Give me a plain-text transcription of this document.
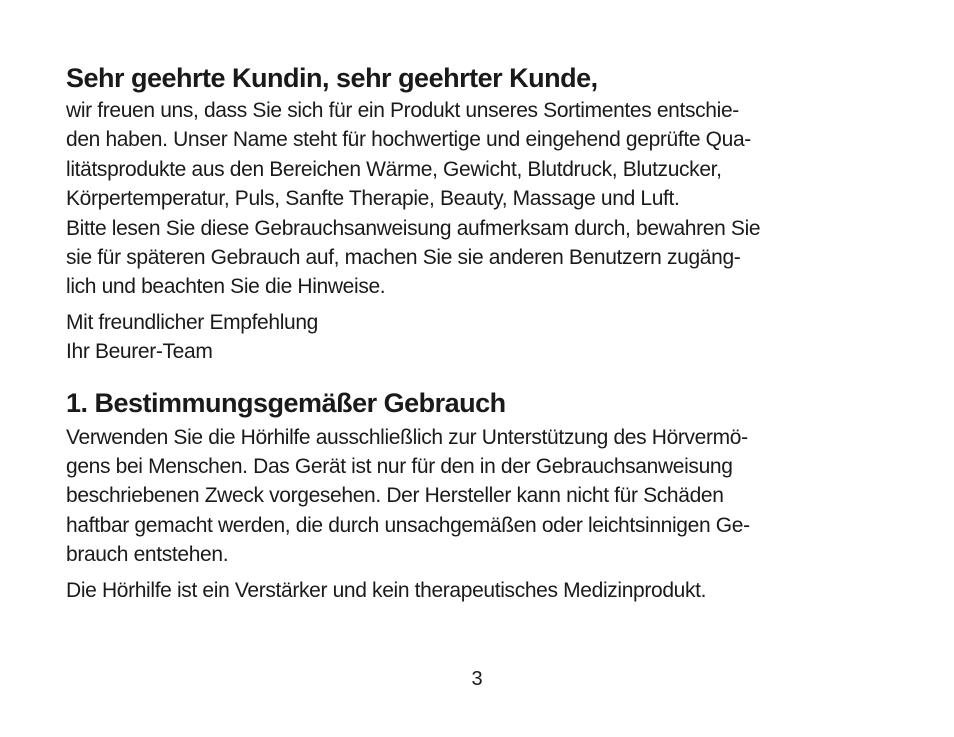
Sehr geehrte Kundin, sehr geehrter Kunde,

wir freuen uns, dass Sie sich für ein Produkt unseres Sortimentes entschie-
den haben. Unser Name steht für hochwertige und eingehend geprüfte Qua-
litätsprodukte aus den Bereichen Wärme, Gewicht, Blutdruck, Blutzucker,
Körpertemperatur, Puls, Sanfte Therapie, Beauty, Massage und Luft.
Bitte lesen Sie diese Gebrauchsanweisung aufmerksam durch, bewahren Sie
sie für späteren Gebrauch auf, machen Sie sie anderen Benutzern zugäng-
lich und beachten Sie die Hinweise.

Mit freundlicher Empfehlung
Ihr Beurer-Team

1. Bestimmungsgemäßer Gebrauch

Verwenden Sie die Hörhilfe ausschließlich zur Unterstützung des Hörvermö-
gens bei Menschen. Das Gerät ist nur für den in der Gebrauchsanweisung
beschriebenen Zweck vorgesehen. Der Hersteller kann nicht für Schäden
haftbar gemacht werden, die durch unsachgemäßen oder leichtsinnigen Ge-
brauch entstehen.

Die Hörhilfe ist ein Verstärker und kein therapeutisches Medizinprodukt.

3
